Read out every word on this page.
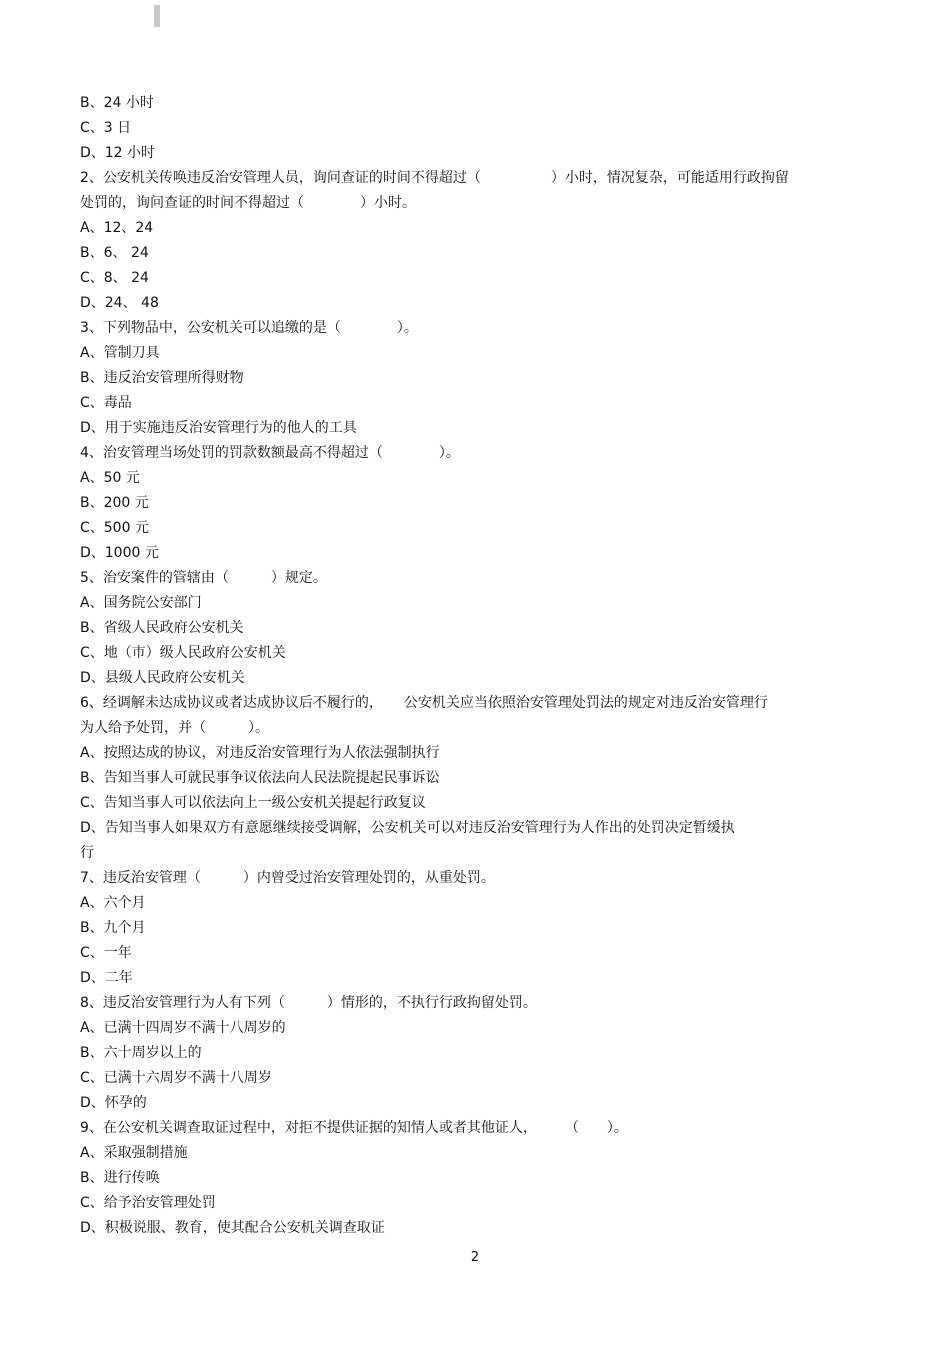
B、24 小时
C、3 日
D、12 小时
2、公安机关传唤违反治安管理人员，询问查证的时间不得超过（　　　　　）小时，情况复杂，可能适用行政拘留
处罚的，询问查证的时间不得超过（　　　　）小时。
A、12、24
B、6、 24
C、8、 24
D、24、 48
3、下列物品中，公安机关可以追缴的是（　　　　）。
A、管制刀具
B、违反治安管理所得财物
C、毒品
D、用于实施违反治安管理行为的他人的工具
4、治安管理当场处罚的罚款数额最高不得超过（　　　　）。
A、50 元
B、200 元
C、500 元
D、1000 元
5、治安案件的管辖由（　　　）规定。
A、国务院公安部门
B、省级人民政府公安机关
C、地（市）级人民政府公安机关
D、县级人民政府公安机关
6、经调解未达成协议或者达成协议后不履行的，　　公安机关应当依照治安管理处罚法的规定对违反治安管理行
为人给予处罚，并（　　　）。
A、按照达成的协议，对违反治安管理行为人依法强制执行
B、告知当事人可就民事争议依法向人民法院提起民事诉讼
C、告知当事人可以依法向上一级公安机关提起行政复议
D、告知当事人如果双方有意愿继续接受调解，公安机关可以对违反治安管理行为人作出的处罚决定暂缓执
行
7、违反治安管理（　　　）内曾受过治安管理处罚的，从重处罚。
A、六个月
B、九个月
C、一年
D、二年
8、违反治安管理行为人有下列（　　　）情形的，不执行行政拘留处罚。
A、已满十四周岁不满十八周岁的
B、六十周岁以上的
C、已满十六周岁不满十八周岁
D、怀孕的
9、在公安机关调查取证过程中，对拒不提供证据的知情人或者其他证人，　　　（　　）。
A、采取强制措施
B、进行传唤
C、给予治安管理处罚
D、积极说服、教育，使其配合公安机关调查取证
2
